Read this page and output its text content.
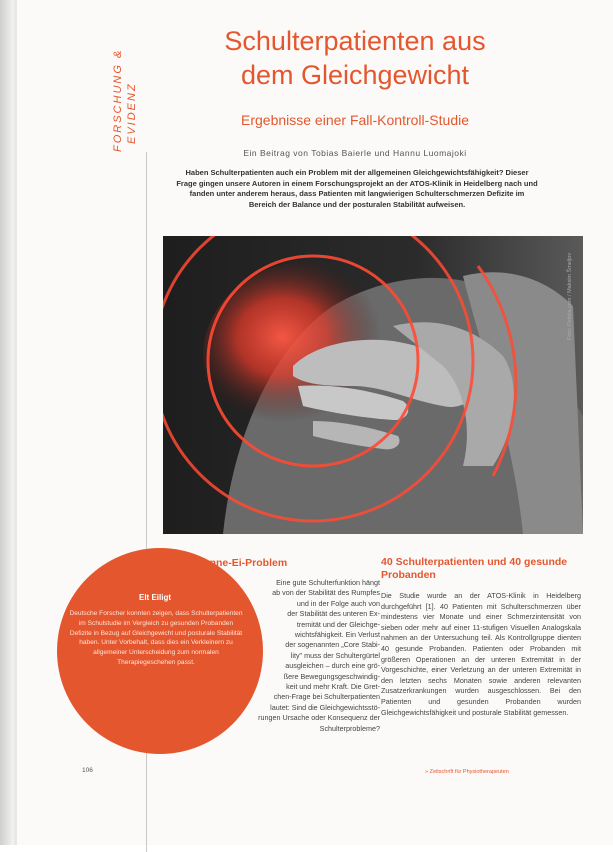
FORSCHUNG & EVIDENZ
Schulterpatienten aus dem Gleichgewicht
Ergebnisse einer Fall-Kontroll-Studie
Ein Beitrag von Tobias Baierle und Hannu Luomajoki
Haben Schulterpatienten auch ein Problem mit der allgemeinen Gleichgewichtsfähigkeit? Dieser Frage gingen unsere Autoren in einem Forschungsprojekt an der ATOS-Klinik in Heidelberg nach und fanden unter anderem heraus, dass Patienten mit langwierigen Schulterschmerzen Defizite im Bereich der Balance und der posturalen Stabilität aufweisen.
Foto: Fotolia.com / Maksim Šmeljov
Elt Eiligt
Deutsche Forscher konnten zeigen, dass Schulterpatienten im Schulstudie im Vergleich zu gesunden Probanden Defizite in Bezug auf Gleichgewicht und posturale Stabilität haben. Unter Vorbehalt, dass dies ein Verkleinern zu allgemeiner Unterscheidung zum normalen Therapiegeschehen passt.
Das Henne-Ei-Problem
Eine gute Schulterfunktion hängt
ab von der Stabilität des Rumpfes
und in der Folge auch von
der Stabilität des unteren Ex-
tremität und der Gleichge-
wichtsfähigkeit. Ein Verlust
der sogenannten „Core Stabi-
lity" muss der Schultergürtel
ausgleichen – durch eine grö-
ßere Bewegungsgeschwindig-
keit und mehr Kraft. Die Gret-
chen-Frage bei Schulterpatienten
lautet: Sind die Gleichgewichtsstö-
rungen Ursache oder Konsequenz der
Schulterprobleme?
40 Schulterpatienten und 40 gesunde Probanden
Die Studie wurde an der ATOS-Klinik in Heidelberg durchgeführt [1]. 40 Patienten mit Schulterschmerzen über mindestens vier Monate und einer Schmerzintensität von sieben oder mehr auf einer 11-stufigen Visuellen Analogskala nahmen an der Untersuchung teil. Als Kontrollgruppe dienten 40 gesunde Probanden. Patienten oder Probanden mit größeren Operationen an der unteren Extremität in der Vorgeschichte, einer Verletzung an der unteren Extremität in den letzten sechs Monaten sowie anderen relevanten Zusatzerkrankungen wurden ausgeschlossen. Bei den Patienten und gesunden Probanden wurden Gleichgewichtsfähigkeit und posturale Stabilität gemessen.
106	» Zeitschrift für Physiotherapeuten
